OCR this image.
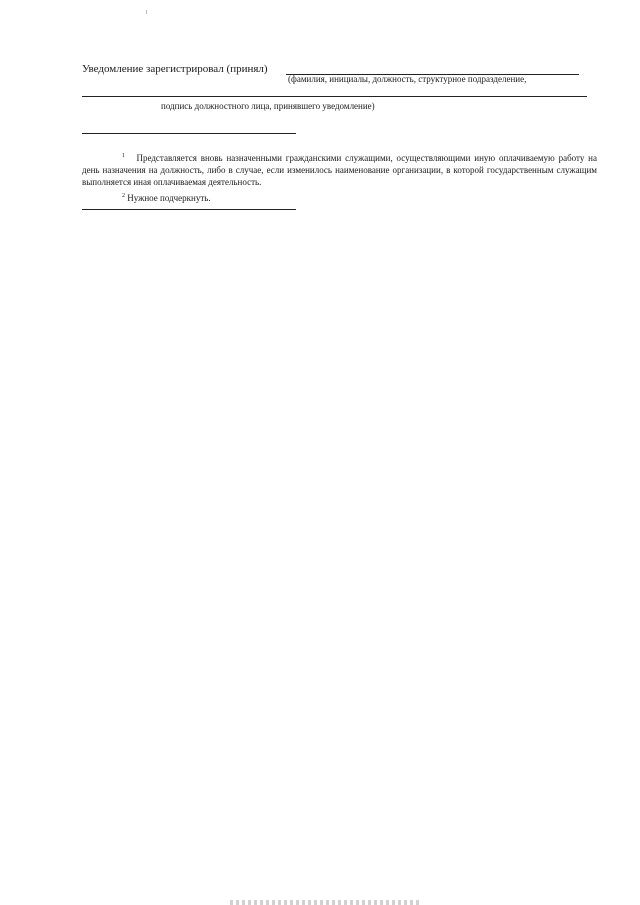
Уведомление зарегистрировал (принял)
(фамилия, инициалы, должность, структурное подразделение,
подпись должностного лица, принявшего уведомление)
$^1$ Представляется вновь назначенными гражданскими служащими, осуществляющими иную оплачиваемую работу на день назначения на должность, либо в случае, если изменилось наименование организации, в которой государственным служащим выполняется иная оплачиваемая деятельность.
$^2$ Нужное подчеркнуть.
